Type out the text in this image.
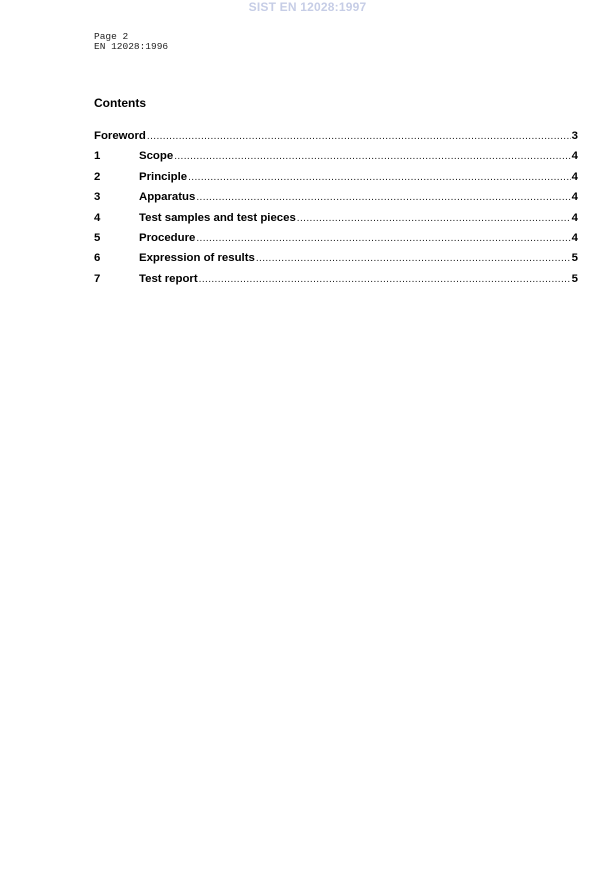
SIST EN 12028:1997
Page 2
EN 12028:1996
Contents
Foreword .....	3
1	Scope .....	4
2	Principle .....	4
3	Apparatus .....	4
4	Test samples and test pieces .....	4
5	Procedure .....	4
6	Expression of results .....	5
7	Test report .....	5
